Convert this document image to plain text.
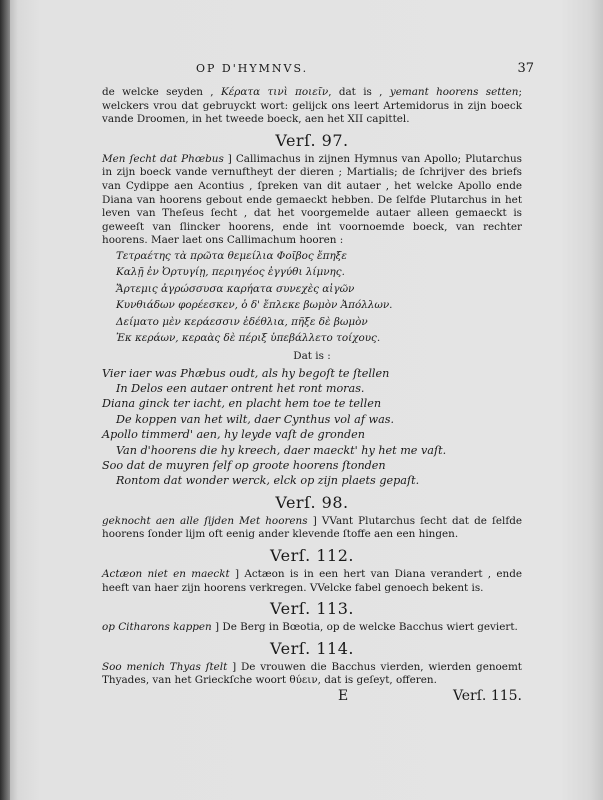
OP D'HYMNVS.	37

de welcke seyden , Κέρατα τινὶ ποιεῖν, dat is , yemant hoorens setten; welckers vrou dat gebruyckt wort: gelijck ons leert Artemidorus in zijn boeck vande Droomen, in het tweede boeck, aen het XII capittel.

Verſ. 97.

Men ſecht dat Phœbus ] Callimachus in zijnen Hymnus van Apollo; Plutarchus in zijn boeck vande vernuftheyt der dieren ; Martialis; de ſchrijver des briefs van Cydippe aen Acontius , ſpreken van dit autaer , het welcke Apollo ende Diana van hoorens gebout ende gemaeckt hebben. De ſelfde Plutarchus in het leven van Theſeus ſecht , dat het voorgemelde autaer alleen gemaeckt is geweeſt van ſlincker hoorens, ende int voornoemde boeck, van rechter hoorens. Maer laet ons Callimachum hooren :

Τετραέτης τὰ πρῶτα θεμείλια Φοῖβος ἔπηξε
Καλῇ ἐν Ὀρτυγίῃ, περιηγέος ἐγγύθι λίμνης.
Ἄρτεμις ἀγρώσσυσα καρήατα συνεχὲς αἰγῶν
Κυνθιάδων φορέεσκεν, ὁ δ' ἔπλεκε βωμὸν Ἀπόλλων.
Δείματο μὲν κεράεσσιν ἐδέθλια, πῆξε δὲ βωμὸν
Ἐκ κεράων, κεραὰς δὲ πέριξ ὑπεβάλλετο τοίχους.
Dat is :
Vier iaer was Phæbus oudt, als hy begoſt te ſtellen
In Delos een autaer ontrent het ront moras.
Diana ginck ter iacht, en placht hem toe te tellen
De koppen van het wilt, daer Cynthus vol af was.
Apollo timmerd' aen, hy leyde vaſt de gronden
Van d'hoorens die hy kreech, daer maeckt' hy het me vaſt.
Soo dat de muyren ſelf op groote hoorens ſtonden
Rontom dat wonder werck, elck op zijn plaets gepaſt.
Verſ. 98.

geknocht aen alle ſijden Met hoorens ] VVant Plutarchus ſecht dat de ſelfde hoorens ſonder lijm oft eenig ander klevende ſtoffe aen een hingen.

Verſ. 112.

Actæon niet en maeckt ] Actæon is in een hert van Diana verandert , ende heeft van haer zijn hoorens verkregen. VVelcke fabel genoech bekent is.

Verſ. 113.

op Citharons kappen ] De Berg in Bœotia, op de welcke Bacchus wiert geviert.

Verſ. 114.

Soo menich Thyas ſtelt ] De vrouwen die Bacchus vierden, wierden genoemt Thyades, van het Grieckſche woort θύειν, dat is geſeyt, offeren.

E	Verſ. 115.
